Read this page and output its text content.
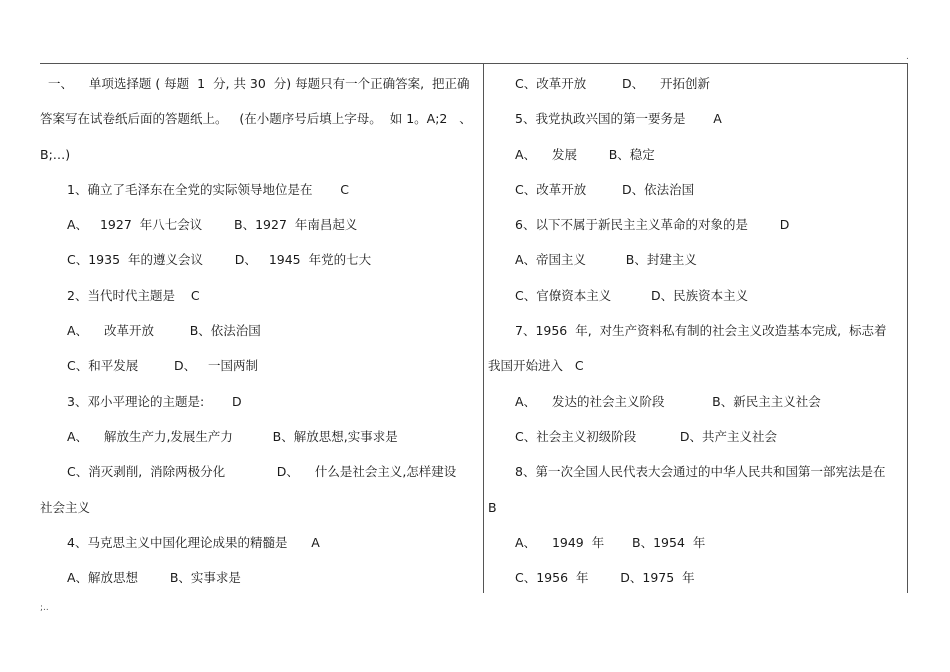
.
;..
一、    单项选择题 ( 每题  1  分, 共 30  分) 每题只有一个正确答案,  把正确
答案写在试卷纸后面的答题纸上。   (在小题序号后填上字母。  如 1。A;2   、
B;…)
1、确立了毛泽东在全党的实际领导地位是在       C
A、   1927  年八七会议        B、1927  年南昌起义
C、1935  年的遵义会议        D、   1945  年党的七大
2、当代时代主题是    C
A、    改革开放         B、依法治国
C、和平发展         D、   一国两制
3、邓小平理论的主题是:       D
A、    解放生产力,发展生产力          B、解放思想,实事求是
C、消灭剥削,  消除两极分化             D、    什么是社会主义,怎样建设
社会主义
4、马克思主义中国化理论成果的精髓是      A
A、解放思想        B、实事求是
C、改革开放         D、    开拓创新
5、我党执政兴国的第一要务是       A
A、    发展        B、稳定
C、改革开放         D、依法治国
6、以下不属于新民主主义革命的对象的是        D
A、帝国主义          B、封建主义
C、官僚资本主义          D、民族资本主义
7、1956  年,  对生产资料私有制的社会主义改造基本完成,  标志着
我国开始进入   C
A、    发达的社会主义阶段            B、新民主主义社会
C、社会主义初级阶段           D、共产主义社会
8、第一次全国人民代表大会通过的中华人民共和国第一部宪法是在
B
A、    1949  年       B、1954  年
C、1956  年        D、1975  年
